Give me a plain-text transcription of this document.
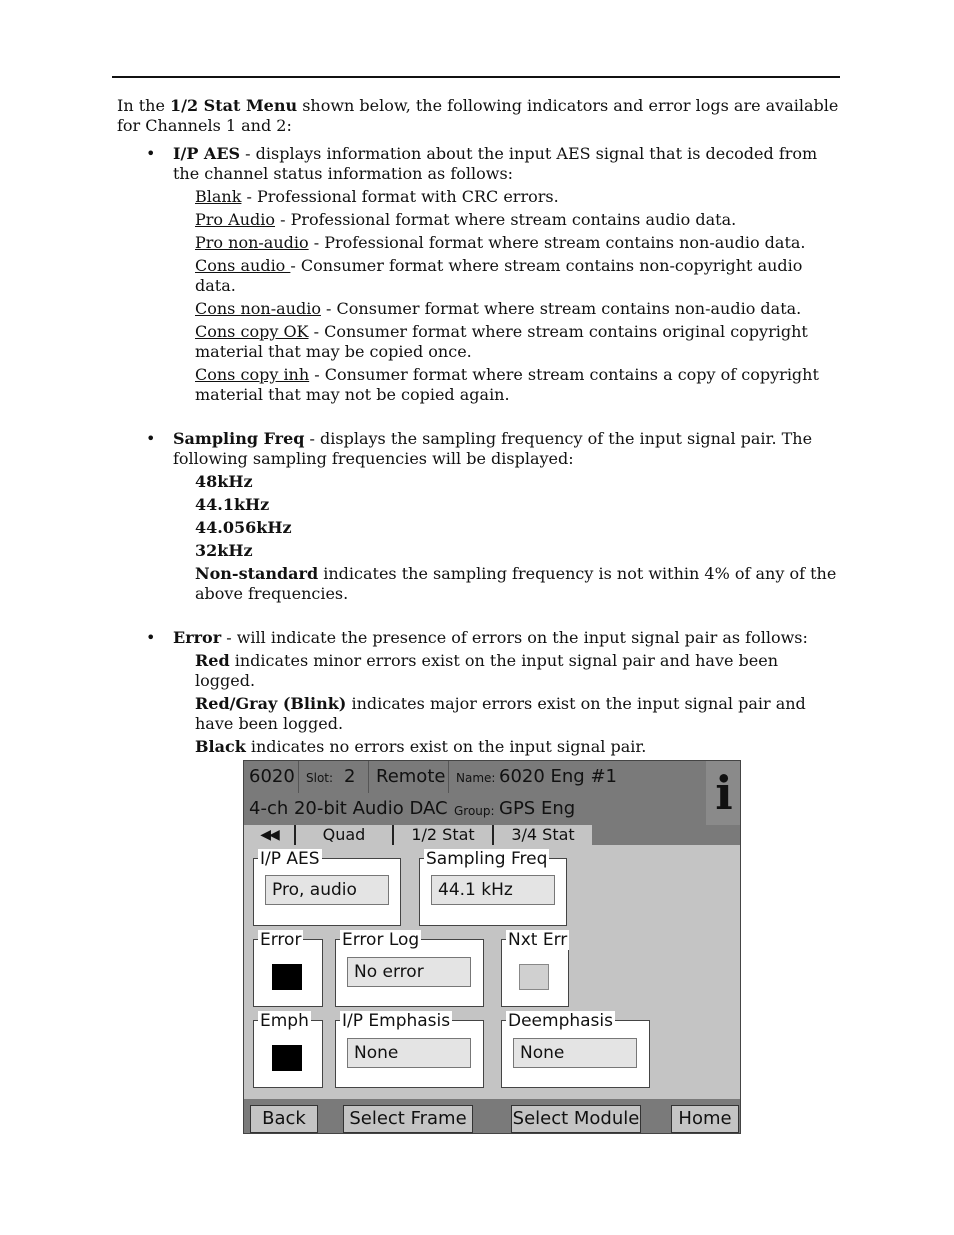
In the 1/2 Stat Menu shown below, the following indicators and error logs are available for Channels 1 and 2:

• I/P AES - displays information about the input AES signal that is decoded from the channel status information as follows:
Blank - Professional format with CRC errors.
Pro Audio - Professional format where stream contains audio data.
Pro non-audio - Professional format where stream contains non-audio data.
Cons audio - Consumer format where stream contains non-copyright audio data.
Cons non-audio - Consumer format where stream contains non-audio data.
Cons copy OK - Consumer format where stream contains original copyright material that may be copied once.
Cons copy inh - Consumer format where stream contains a copy of copyright material that may not be copied again.
• Sampling Freq - displays the sampling frequency of the input signal pair. The following sampling frequencies will be displayed:
48kHz
44.1kHz
44.056kHz
32kHz
Non-standard indicates the sampling frequency is not within 4% of any of the above frequencies.
• Error - will indicate the presence of errors on the input signal pair as follows:
Red indicates minor errors exist on the input signal pair and have been logged.
Red/Gray (Blink) indicates major errors exist on the input signal pair and have been logged.
Black indicates no errors exist on the input signal pair.
6020 Slot: 2 Remote Name: 6020 Eng #1
4-ch 20-bit Audio DAC Group: GPS Eng	i
◀◀	Quad	1/2 Stat	3/4 Stat
I/P AES
Pro, audio
Sampling Freq
44.1 kHz
Error Error Log
No error
Nxt Err
Emph I/P Emphasis
None
Deemphasis
None
Back	Select Frame	Select Module	Home
